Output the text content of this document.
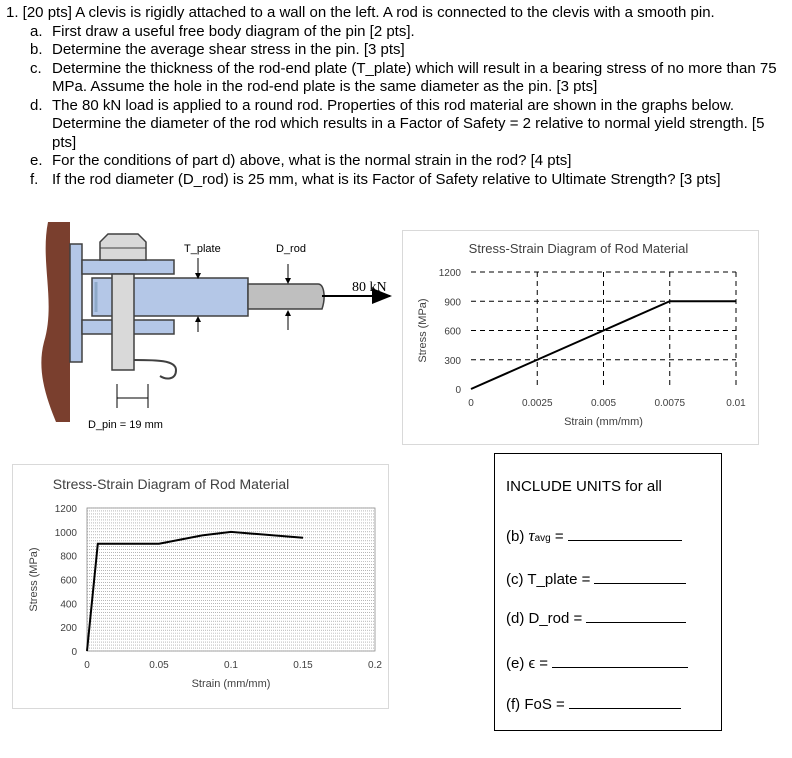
1. [20 pts] A clevis is rigidly attached to a wall on the left. A rod is connected to the clevis with a smooth pin.
a. First draw a useful free body diagram of the pin [2 pts].
b. Determine the average shear stress in the pin. [3 pts]
c. Determine the thickness of the rod-end plate (T_plate) which will result in a bearing stress of no more than 75 MPa. Assume the hole in the rod-end plate is the same diameter as the pin. [3 pts]
d. The 80 kN load is applied to a round rod. Properties of this rod material are shown in the graphs below. Determine the diameter of the rod which results in a Factor of Safety = 2 relative to normal yield strength. [5 pts]
e. For the conditions of part d) above, what is the normal strain in the rod? [4 pts]
f. If the rod diameter (D_rod) is 25 mm, what is its Factor of Safety relative to Ultimate Strength? [3 pts]
80 kN
T_plate	D_rod
D_pin = 19 mm
Stress-Strain Diagram of Rod Material
0
300
600
900
1200
0	0.0025	0.005	0.0075	0.01
Strain (mm/mm)
Stress (MPa)
Stress-Strain Diagram of Rod Material
0
200
400
600
800
1000
1200
0	0.05	0.1	0.15	0.2
Strain (mm/mm)
Stress (MPa)
INCLUDE UNITS for all
(b) τavg =
(c) T_plate =
(d) D_rod =
(e) ϵ =
(f) FoS =
